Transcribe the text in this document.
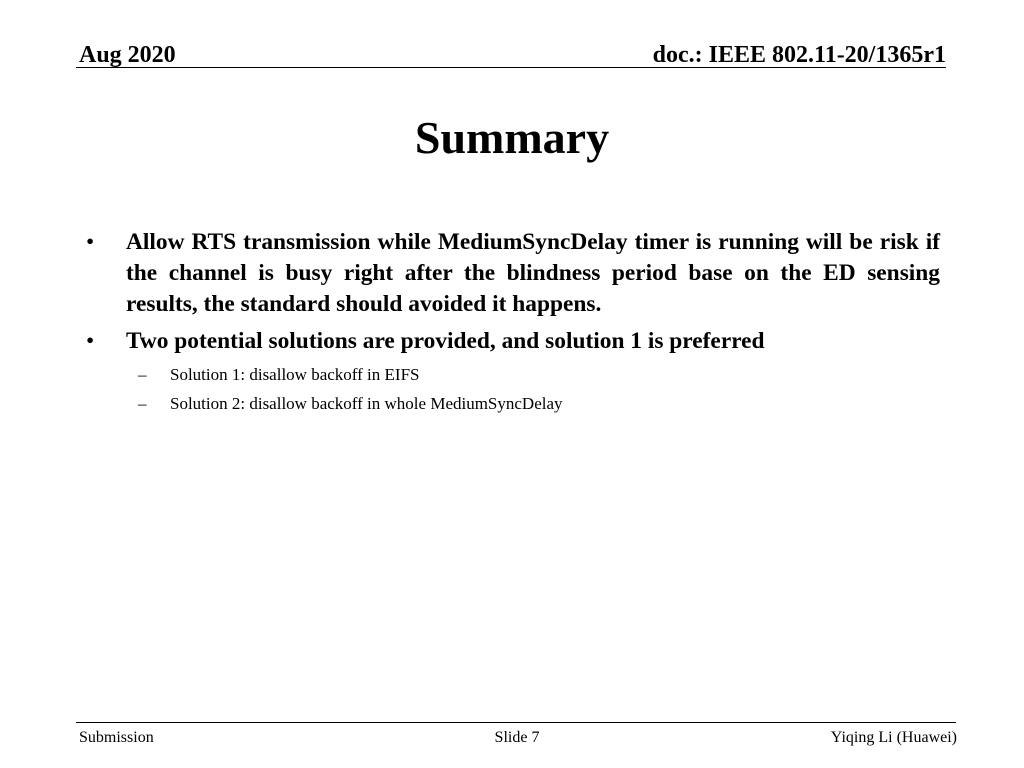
Aug 2020	doc.: IEEE 802.11-20/1365r1
Summary
• Allow RTS transmission while MediumSyncDelay timer is running will be risk if the channel is busy right after the blindness period base on the ED sensing results, the standard should avoided it happens.
• Two potential solutions are provided, and solution 1 is preferred
– Solution 1: disallow backoff in EIFS
– Solution 2: disallow backoff in whole MediumSyncDelay
Submission	Slide 7	Yiqing Li (Huawei)
